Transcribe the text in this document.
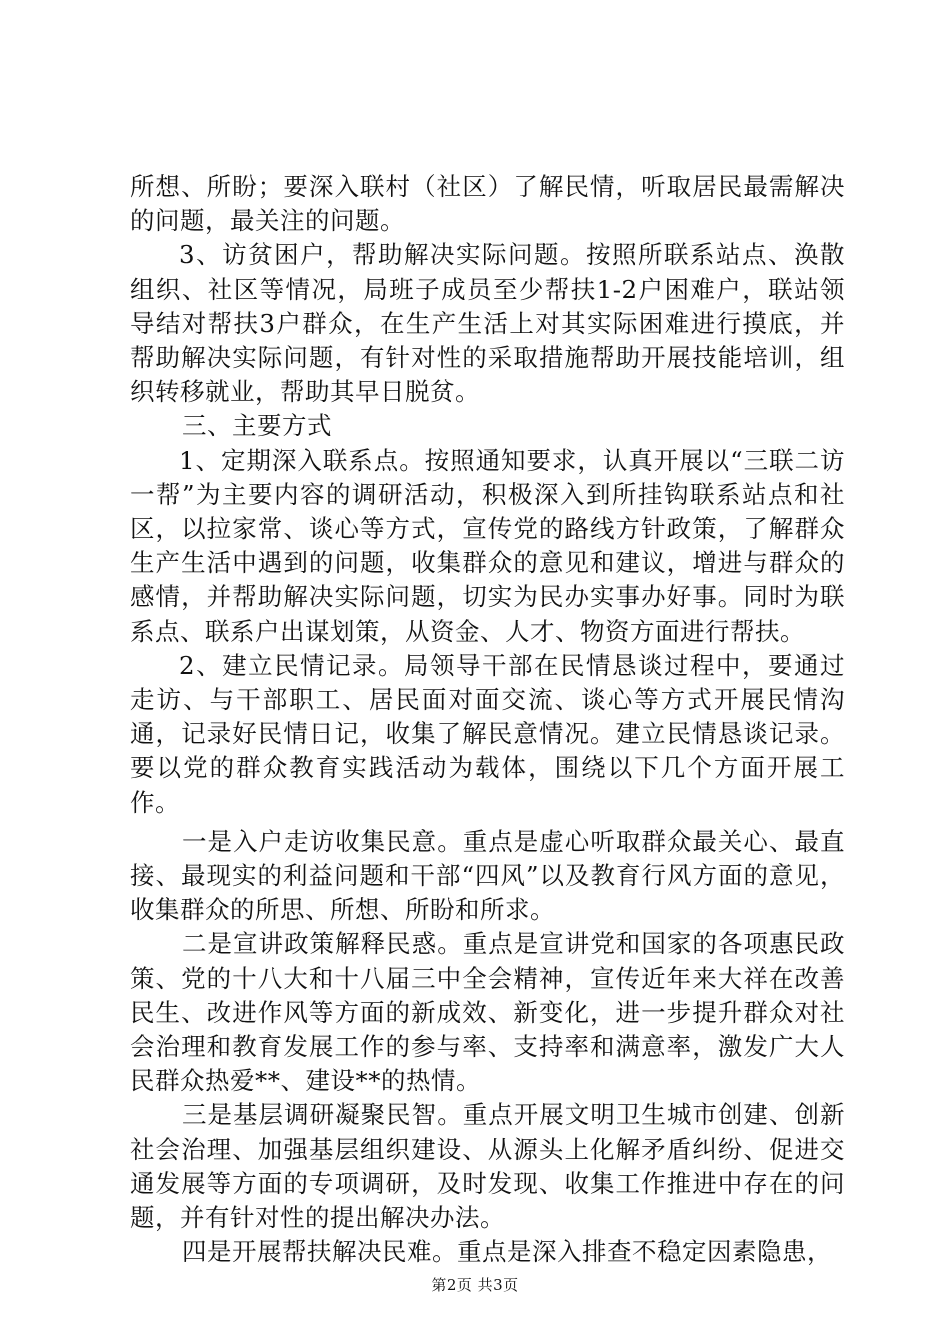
所想、所盼；要深入联村（社区）了解民情，听取居民最需解决的问题，最关注的问题。

3、访贫困户，帮助解决实际问题。按照所联系站点、涣散组织、社区等情况，局班子成员至少帮扶1-2户困难户，联站领导结对帮扶3户群众，在生产生活上对其实际困难进行摸底，并帮助解决实际问题，有针对性的采取措施帮助开展技能培训，组织转移就业，帮助其早日脱贫。

三、主要方式

1、定期深入联系点。按照通知要求，认真开展以“三联二访一帮”为主要内容的调研活动，积极深入到所挂钩联系站点和社区，以拉家常、谈心等方式，宣传党的路线方针政策，了解群众生产生活中遇到的问题，收集群众的意见和建议，增进与群众的感情，并帮助解决实际问题，切实为民办实事办好事。同时为联系点、联系户出谋划策，从资金、人才、物资方面进行帮扶。

2、建立民情记录。局领导干部在民情恳谈过程中，要通过走访、与干部职工、居民面对面交流、谈心等方式开展民情沟通，记录好民情日记，收集了解民意情况。建立民情恳谈记录。要以党的群众教育实践活动为载体，围绕以下几个方面开展工作。

一是入户走访收集民意。重点是虚心听取群众最关心、最直接、最现实的利益问题和干部“四风”以及教育行风方面的意见，收集群众的所思、所想、所盼和所求。

二是宣讲政策解释民惑。重点是宣讲党和国家的各项惠民政策、党的十八大和十八届三中全会精神，宣传近年来大祥在改善民生、改进作风等方面的新成效、新变化，进一步提升群众对社会治理和教育发展工作的参与率、支持率和满意率，激发广大人民群众热爱**、建设**的热情。

三是基层调研凝聚民智。重点开展文明卫生城市创建、创新社会治理、加强基层组织建设、从源头上化解矛盾纠纷、促进交通发展等方面的专项调研，及时发现、收集工作推进中存在的问题，并有针对性的提出解决办法。

四是开展帮扶解决民难。重点是深入排查不稳定因素隐患，

第2页 共3页
